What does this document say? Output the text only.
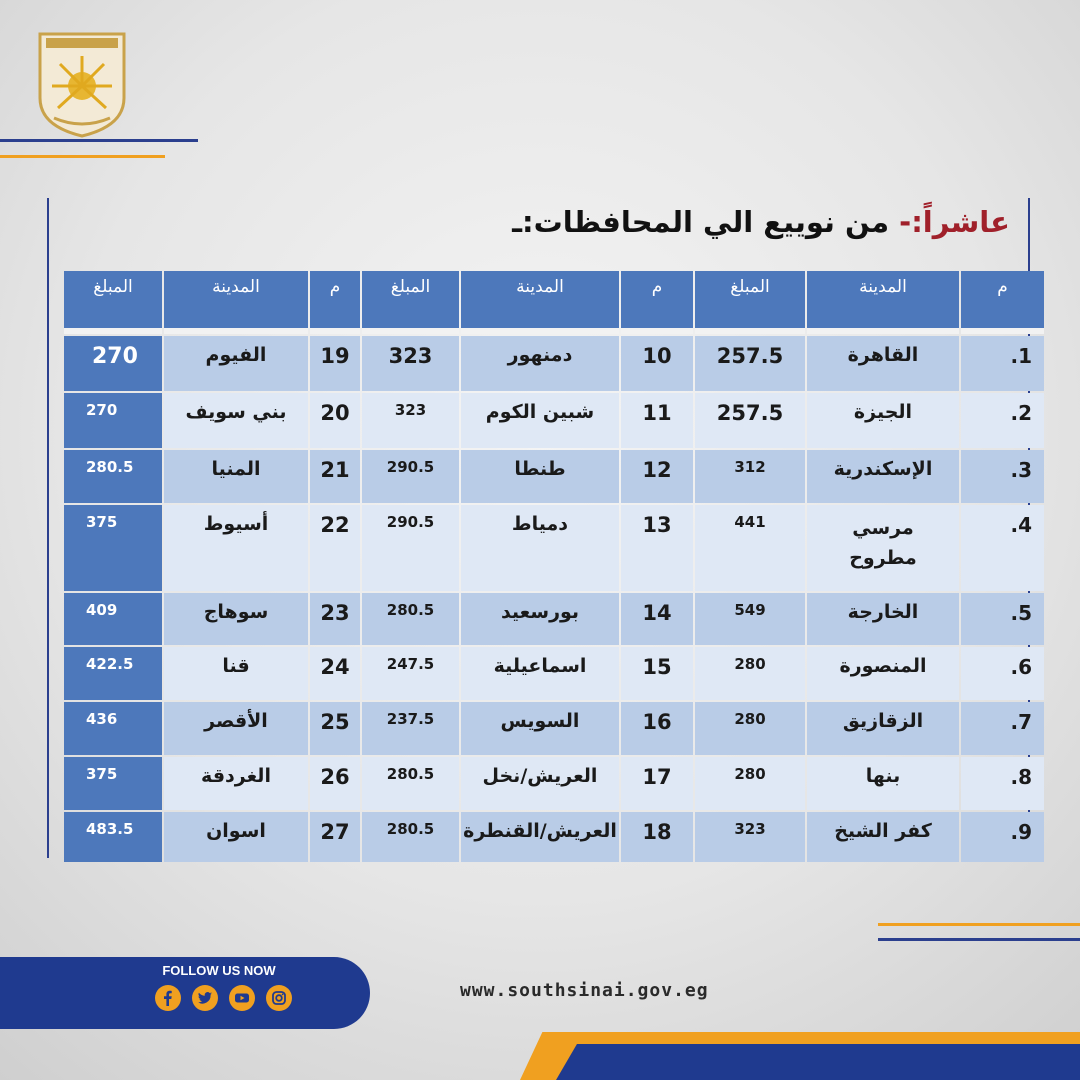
عاشراً:- من نوييع الي المحافظات:ـ
م	المدينة	المبلغ	م	المدينة	المبلغ	م	المدينة	المبلغ
1.	القاهرة	257.5	10	دمنهور	323	19	الفيوم	270
2.	الجيزة	257.5	11	شبين الكوم	323	20	بني سويف	270
3.	الإسكندرية	312	12	طنطا	290.5	21	المنيا	280.5
4.	مرسي مطروح	441	13	دمياط	290.5	22	أسيوط	375
5.	الخارجة	549	14	بورسعيد	280.5	23	سوهاج	409
6.	المنصورة	280	15	اسماعيلية	247.5	24	قنا	422.5
7.	الزقازيق	280	16	السويس	237.5	25	الأقصر	436
8.	بنها	280	17	العريش/نخل	280.5	26	الغردقة	375
9.	كفر الشيخ	323	18	العريش/القنطرة	280.5	27	اسوان	483.5
FOLLOW US NOW
www.southsinai.gov.eg
